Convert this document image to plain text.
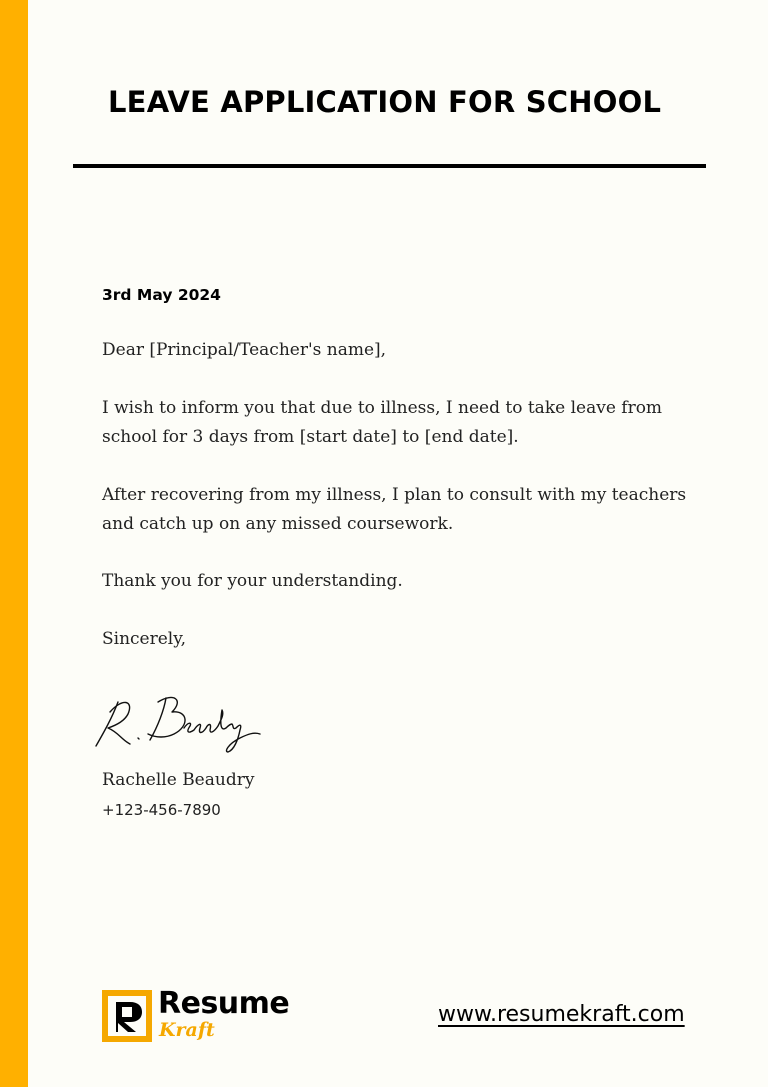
LEAVE APPLICATION FOR SCHOOL
3rd May 2024

Dear [Principal/Teacher's name],

I wish to inform you that due to illness, I need to take leave from school for 3 days from [start date] to [end date].

After recovering from my illness, I plan to consult with my teachers and catch up on any missed coursework.

Thank you for your understanding.

Sincerely,

Rachelle Beaudry
+123-456-7890
Resume
Kraft
www.resumekraft.com
